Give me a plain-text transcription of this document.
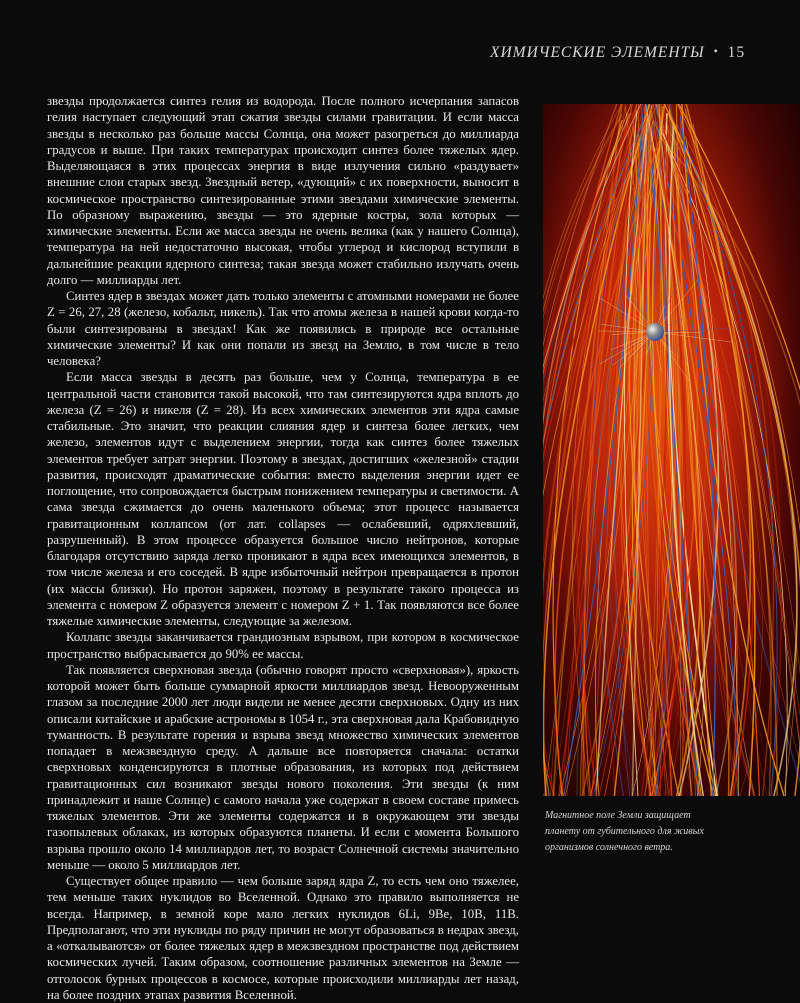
ХИМИЧЕСКИЕ ЭЛЕМЕНТЫ • 15

звезды продолжается синтез гелия из водорода. После полного исчерпания запасов гелия наступает следующий этап сжатия звезды силами гравитации. И если масса звезды в несколько раз больше массы Солнца, она может разогреться до миллиарда градусов и выше. При таких температурах происходит синтез более тяжелых ядер. Выделяющаяся в этих процессах энергия в виде излучения сильно «раздувает» внешние слои старых звезд. Звездный ветер, «дующий» с их поверхности, выносит в космическое пространство синтезированные этими звездами химические элементы. По образному выражению, звезды — это ядерные костры, зола которых — химические элементы. Если же масса звезды не очень велика (как у нашего Солнца), температура на ней недостаточно высокая, чтобы углерод и кислород вступили в дальнейшие реакции ядерного синтеза; такая звезда может стабильно излучать очень долго — миллиарды лет.

Синтез ядер в звездах может дать только элементы с атомными номерами не более Z = 26, 27, 28 (железо, кобальт, никель). Так что атомы железа в нашей крови когда-то были синтезированы в звездах! Как же появились в природе все остальные химические элементы? И как они попали из звезд на Землю, в том числе в тело человека?

Если масса звезды в десять раз больше, чем у Солнца, температура в ее центральной части становится такой высокой, что там синтезируются ядра вплоть до железа (Z = 26) и никеля (Z = 28). Из всех химических элементов эти ядра самые стабильные. Это значит, что реакции слияния ядер и синтеза более легких, чем железо, элементов идут с выделением энергии, тогда как синтез более тяжелых элементов требует затрат энергии. Поэтому в звездах, достигших «железной» стадии развития, происходят драматические события: вместо выделения энергии идет ее поглощение, что сопровождается быстрым понижением температуры и светимости. А сама звезда сжимается до очень маленького объема; этот процесс называется гравитационным коллапсом (от лат. collapses — ослабевший, одряхлевший, разрушенный). В этом процессе образуется большое число нейтронов, которые благодаря отсутствию заряда легко проникают в ядра всех имеющихся элементов, в том числе железа и его соседей. В ядре избыточный нейтрон превращается в протон (их массы близки). Но протон заряжен, поэтому в результате такого процесса из элемента с номером Z образуется элемент с номером Z + 1. Так появляются все более тяжелые химические элементы, следующие за железом.

Коллапс звезды заканчивается грандиозным взрывом, при котором в космическое пространство выбрасывается до 90% ее массы.

Так появляется сверхновая звезда (обычно говорят просто «сверхновая»), яркость которой может быть больше суммарной яркости миллиардов звезд. Невооруженным глазом за последние 2000 лет люди видели не менее десяти сверхновых. Одну из них описали китайские и арабские астрономы в 1054 г., эта сверхновая дала Крабовидную туманность. В результате горения и взрыва звезд множество химических элементов попадает в межзвездную среду. А дальше все повторяется сначала: остатки сверхновых конденсируются в плотные образования, из которых под действием гравитационных сил возникают звезды нового поколения. Эти звезды (к ним принадлежит и наше Солнце) с самого начала уже содержат в своем составе примесь тяжелых элементов. Эти же элементы содержатся и в окружающем эти звезды газопылевых облаках, из которых образуются планеты. И если с момента Большого взрыва прошло около 14 миллиардов лет, то возраст Солнечной системы значительно меньше — около 5 миллиардов лет.

Существует общее правило — чем больше заряд ядра Z, то есть чем оно тяжелее, тем меньше таких нуклидов во Вселенной. Однако это правило выполняется не всегда. Например, в земной коре мало легких нуклидов 6Li, 9Be, 10B, 11B. Предполагают, что эти нуклиды по ряду причин не могут образоваться в недрах звезд, а «откалываются» от более тяжелых ядер в межзвездном пространстве под действием космических лучей. Таким образом, соотношение различных элементов на Земле — отголосок бурных процессов в космосе, которые происходили миллиарды лет назад, на более поздних этапах развития Вселенной.

Магнитное поле Земли защищает планету от губительного для живых организмов солнечного ветра.
